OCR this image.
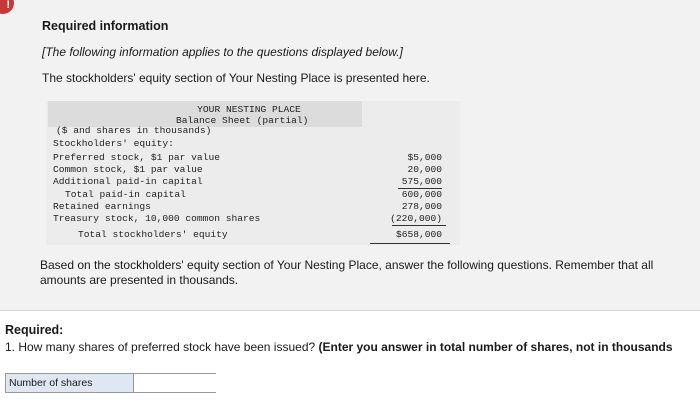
!
Required information
[The following information applies to the questions displayed below.]
The stockholders' equity section of Your Nesting Place is presented here.
YOUR NESTING PLACE
Balance Sheet (partial)
($ and shares in thousands)
Stockholders' equity:
Preferred stock, $1 par value	$5,000
Common stock, $1 par value	20,000
Additional paid-in capital	575,000
Total paid-in capital	600,000
Retained earnings	278,000
Treasury stock, 10,000 common shares	(220,000)
Total stockholders' equity	$658,000
Based on the stockholders' equity section of Your Nesting Place, answer the following questions. Remember that all amounts are presented in thousands.
Required:
1. How many shares of preferred stock have been issued? (Enter you answer in total number of shares, not in thousands
Number of shares
